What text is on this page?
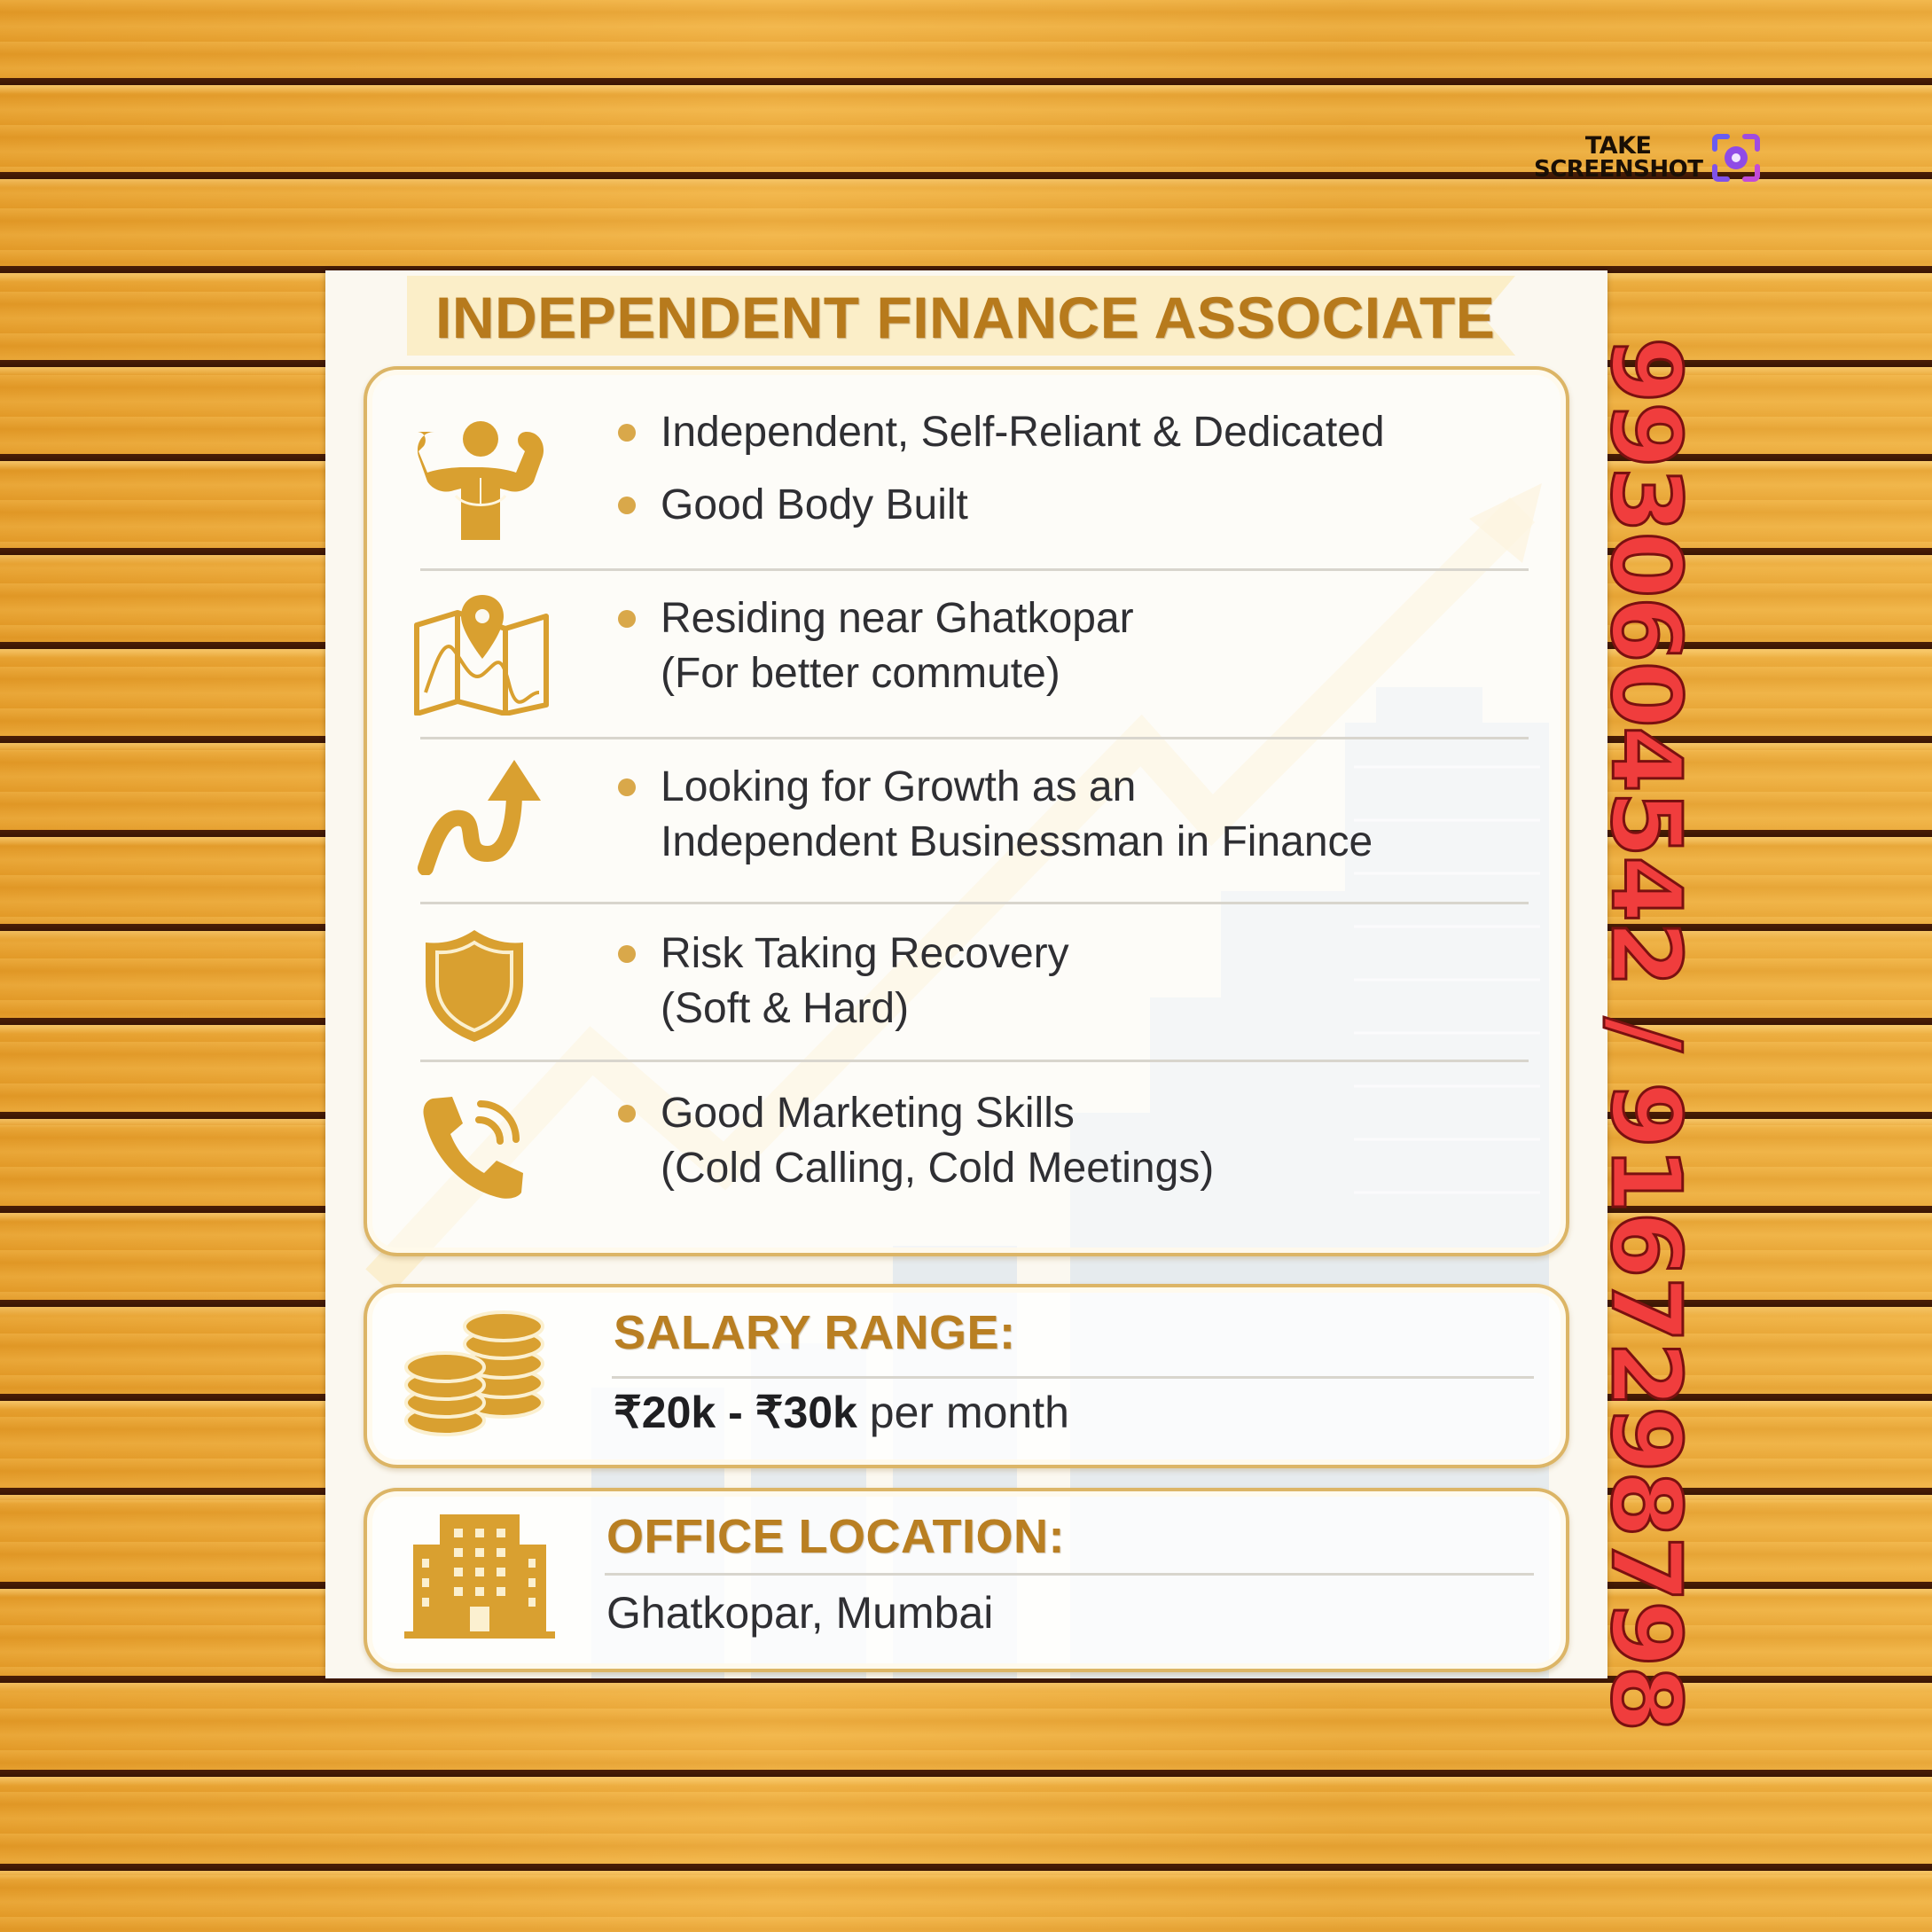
TAKE
SCREENSHOT
INDEPENDENT FINANCE ASSOCIATE
Independent, Self-Reliant & Dedicated
Good Body Built
Residing near Ghatkopar
(For better commute)
Looking for Growth as an
Independent Businessman in Finance
Risk Taking Recovery
(Soft & Hard)
Good Marketing Skills
(Cold Calling, Cold Meetings)
SALARY RANGE:
₹20k - ₹30k per month
OFFICE LOCATION:
Ghatkopar, Mumbai	9930604542 / 9167298798
